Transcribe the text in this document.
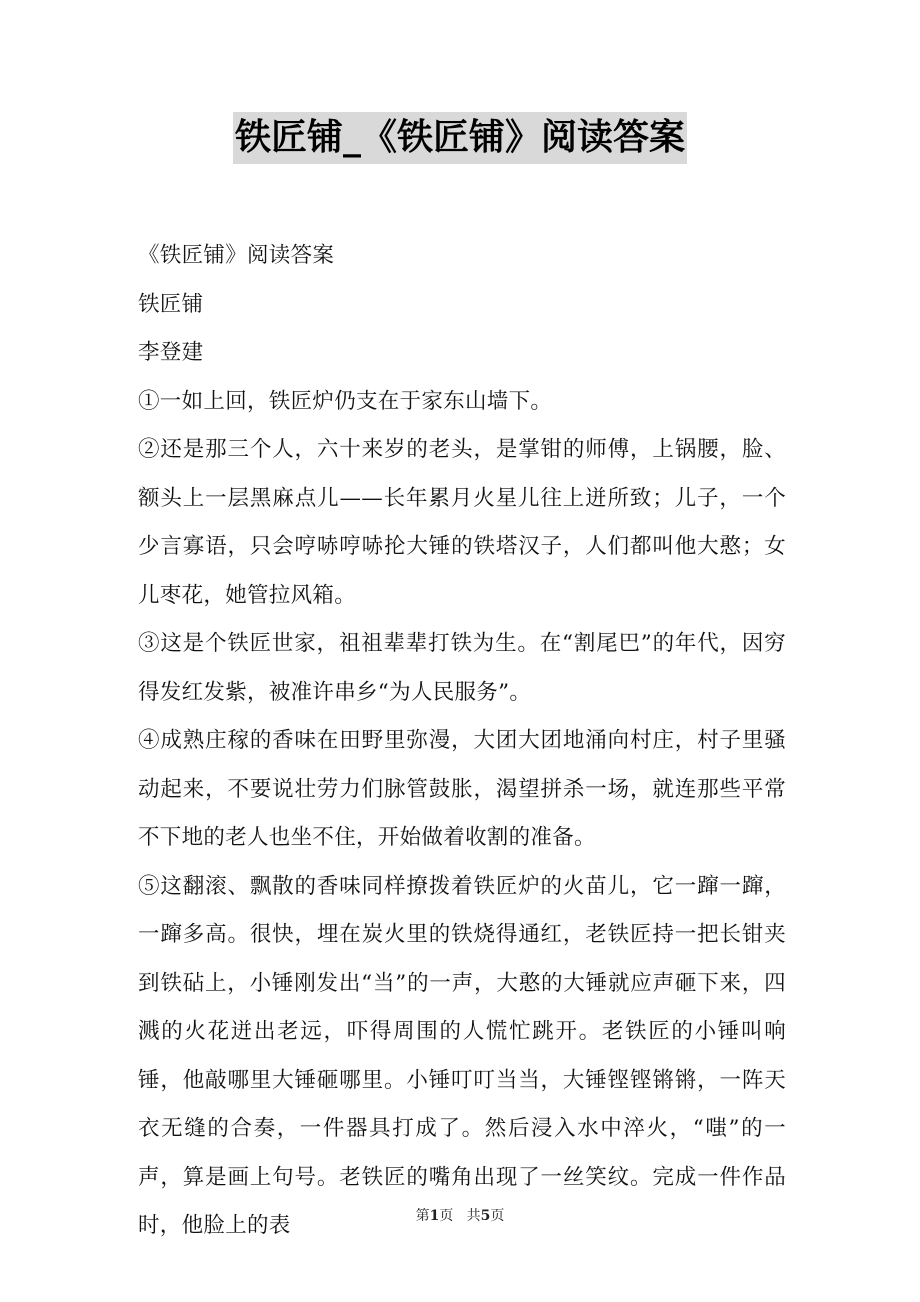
铁匠铺_《铁匠铺》阅读答案

《铁匠铺》阅读答案

铁匠铺

李登建

①一如上回，铁匠炉仍支在于家东山墙下。

②还是那三个人，六十来岁的老头，是掌钳的师傅，上锅腰，脸、额头上一层黑麻点儿——长年累月火星儿往上迸所致；儿子，一个少言寡语，只会哼哧哼哧抡大锤的铁塔汉子，人们都叫他大憨；女儿枣花，她管拉风箱。

③这是个铁匠世家，祖祖辈辈打铁为生。在“割尾巴”的年代，因穷得发红发紫，被准许串乡“为人民服务”。

④成熟庄稼的香味在田野里弥漫，大团大团地涌向村庄，村子里骚动起来，不要说壮劳力们脉管鼓胀，渴望拼杀一场，就连那些平常不下地的老人也坐不住，开始做着收割的准备。

⑤这翻滚、飘散的香味同样撩拨着铁匠炉的火苗儿，它一蹿一蹿，一蹿多高。很快，埋在炭火里的铁烧得通红，老铁匠持一把长钳夹到铁砧上，小锤刚发出“当”的一声，大憨的大锤就应声砸下来，四溅的火花迸出老远，吓得周围的人慌忙跳开。老铁匠的小锤叫响锤，他敲哪里大锤砸哪里。小锤叮叮当当，大锤铿铿锵锵，一阵天衣无缝的合奏，一件器具打成了。然后浸入水中淬火，“嗤”的一声，算是画上句号。老铁匠的嘴角出现了一丝笑纹。完成一件作品时，他脸上的表	第1页   共5页
